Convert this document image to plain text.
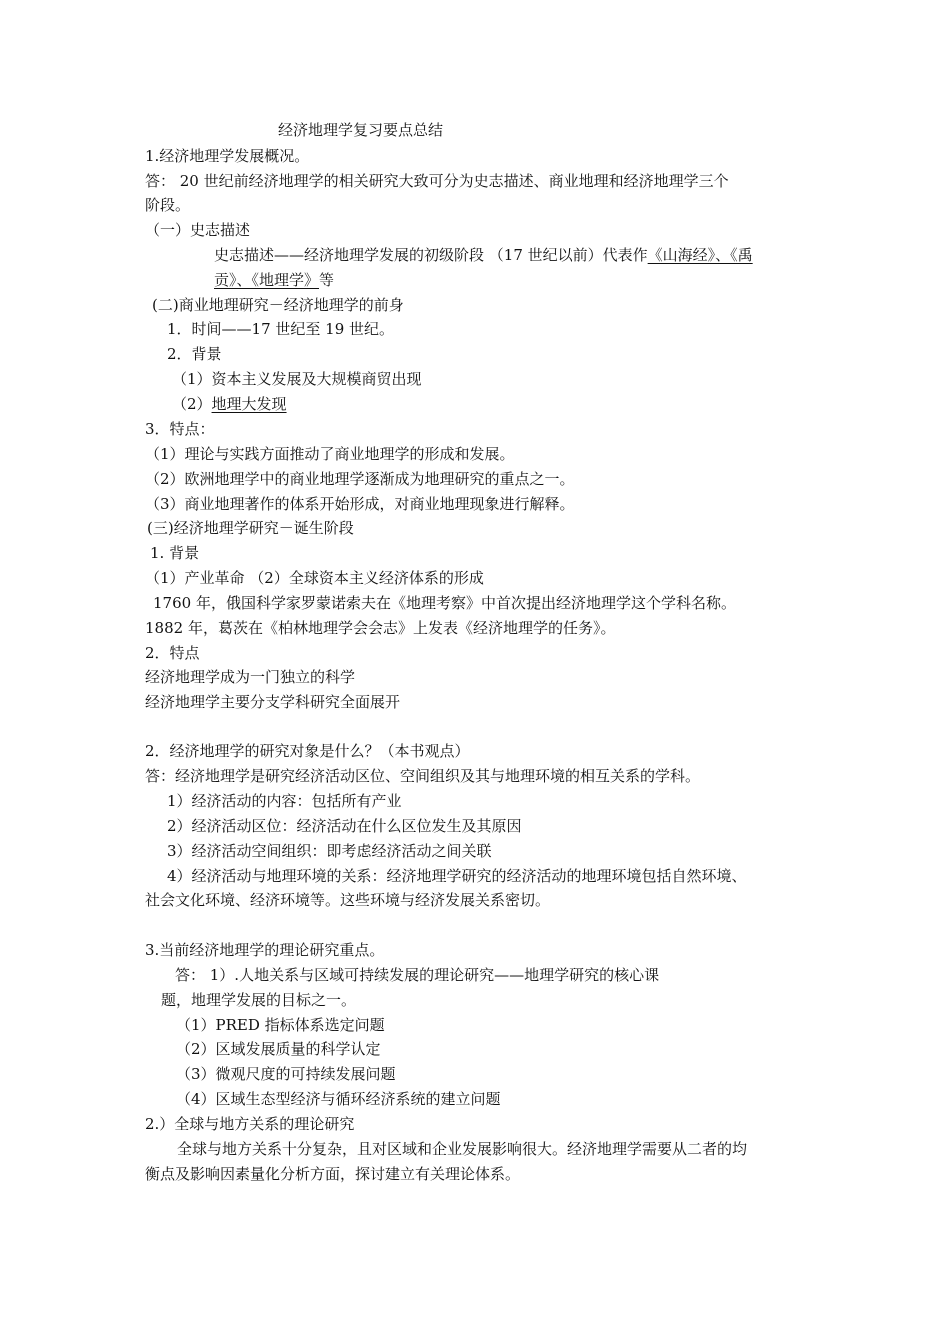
经济地理学复习要点总结
1.经济地理学发展概况。
答： 20 世纪前经济地理学的相关研究大致可分为史志描述、商业地理和经济地理学三个
阶段。
（一）史志描述
史志描述——经济地理学发展的初级阶段 （17 世纪以前）代表作《山海经》、《禹
贡》、《地理学》等
(二)商业地理研究－经济地理学的前身
1．时间——17 世纪至 19 世纪。
2．背景
（1）资本主义发展及大规模商贸出现
（2）地理大发现
3．特点：
（1）理论与实践方面推动了商业地理学的形成和发展。
（2）欧洲地理学中的商业地理学逐渐成为地理研究的重点之一。
（3）商业地理著作的体系开始形成，对商业地理现象进行解释。
(三)经济地理学研究－诞生阶段
1. 背景
（1）产业革命 （2）全球资本主义经济体系的形成
1760 年，俄国科学家罗蒙诺索夫在《地理考察》中首次提出经济地理学这个学科名称。
1882 年，葛茨在《柏林地理学会会志》上发表《经济地理学的任务》。
2．特点
经济地理学成为一门独立的科学
经济地理学主要分支学科研究全面展开
2．经济地理学的研究对象是什么？（本书观点）
答：经济地理学是研究经济活动区位、空间组织及其与地理环境的相互关系的学科。
1）经济活动的内容：包括所有产业
2）经济活动区位：经济活动在什么区位发生及其原因
3）经济活动空间组织：即考虑经济活动之间关联
4）经济活动与地理环境的关系：经济地理学研究的经济活动的地理环境包括自然环境、
社会文化环境、经济环境等。这些环境与经济发展关系密切。
3.当前经济地理学的理论研究重点。
答： 1）.人地关系与区域可持续发展的理论研究——地理学研究的核心课
题，地理学发展的目标之一。
（1）PRED 指标体系选定问题
（2）区域发展质量的科学认定
（3）微观尺度的可持续发展问题
（4）区域生态型经济与循环经济系统的建立问题
2.）全球与地方关系的理论研究
全球与地方关系十分复杂，且对区域和企业发展影响很大。经济地理学需要从二者的均
衡点及影响因素量化分析方面，探讨建立有关理论体系。
